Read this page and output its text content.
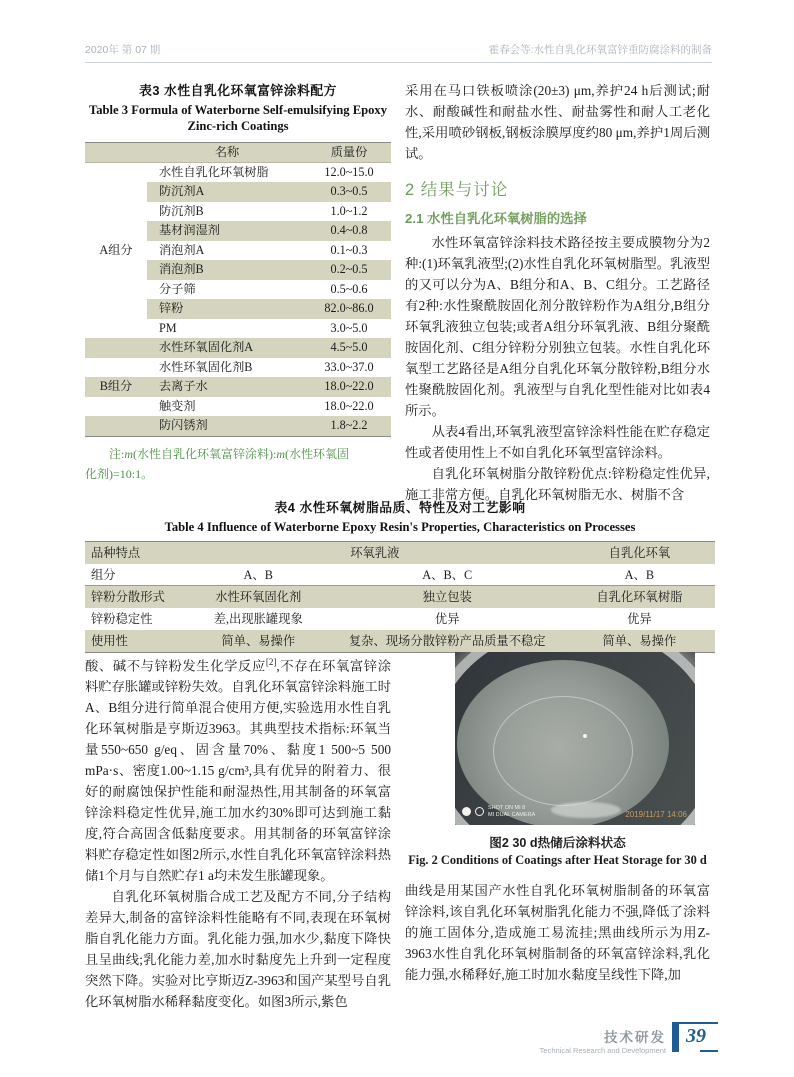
2020年 第 07 期	霍春会等:水性自乳化环氧富锌重防腐涂料的制备
表3 水性自乳化环氧富锌涂料配方
Table 3 Formula of Waterborne Self-emulsifying Epoxy
Zinc-rich Coatings
名称	质量份
水性自乳化环氧树脂	12.0~15.0
防沉剂A	0.3~0.5
防沉剂B	1.0~1.2
基材润湿剂	0.4~0.8
A组分	消泡剂A	0.1~0.3
消泡剂B	0.2~0.5
分子筛	0.5~0.6
锌粉	82.0~86.0
PM	3.0~5.0
水性环氧固化剂A	4.5~5.0
水性环氧固化剂B	33.0~37.0
B组分	去离子水	18.0~22.0
触变剂	18.0~22.0
防闪锈剂	1.8~2.2
注:m(水性自乳化环氧富锌涂料):m(水性环氧固
化剂)=10:1。

采用在马口铁板喷涂(20±3) μm,养护24 h后测试;耐水、耐酸碱性和耐盐水性、耐盐雾性和耐人工老化性,采用喷砂钢板,钢板涂膜厚度约80 μm,养护1周后测试。

2 结果与讨论
2.1 水性自乳化环氧树脂的选择

水性环氧富锌涂料技术路径按主要成膜物分为2种:(1)环氧乳液型;(2)水性自乳化环氧树脂型。乳液型的又可以分为A、B组分和A、B、C组分。工艺路径有2种:水性聚酰胺固化剂分散锌粉作为A组分,B组分环氧乳液独立包装;或者A组分环氧乳液、B组分聚酰胺固化剂、C组分锌粉分别独立包装。水性自乳化环氧型工艺路径是A组分自乳化环氧分散锌粉,B组分水性聚酰胺固化剂。乳液型与自乳化型性能对比如表4所示。

从表4看出,环氧乳液型富锌涂料性能在贮存稳定性或者使用性上不如自乳化环氧型富锌涂料。

自乳化环氧树脂分散锌粉优点:锌粉稳定性优异,施工非常方便。自乳化环氧树脂无水、树脂不含

表4 水性环氧树脂品质、特性及对工艺影响
Table 4 Influence of Waterborne Epoxy Resin's Properties, Characteristics on Processes
品种特点	环氧乳液	自乳化环氧
组分	A、B	A、B、C	A、B
锌粉分散形式	水性环氧固化剂	独立包装	自乳化环氧树脂
锌粉稳定性	差,出现胀罐现象	优异	优异
使用性	简单、易操作	复杂、现场分散锌粉产品质量不稳定	简单、易操作

酸、碱不与锌粉发生化学反应[2],不存在环氧富锌涂料贮存胀罐或锌粉失效。自乳化环氧富锌涂料施工时A、B组分进行简单混合使用方便,实验选用水性自乳化环氧树脂是亨斯迈3963。其典型技术指标:环氧当量550~650 g/eq、固含量70%、黏度1 500~5 500 mPa·s、密度1.00~1.15 g/cm³,具有优异的附着力、很好的耐腐蚀保护性能和耐湿热性,用其制备的环氧富锌涂料稳定性优异,施工加水约30%即可达到施工黏度,符合高固含低黏度要求。用其制备的环氧富锌涂料贮存稳定性如图2所示,水性自乳化环氧富锌涂料热储1个月与自然贮存1 a均未发生胀罐现象。

自乳化环氧树脂合成工艺及配方不同,分子结构差异大,制备的富锌涂料性能略有不同,表现在环氧树脂自乳化能力方面。乳化能力强,加水少,黏度下降快且呈曲线;乳化能力差,加水时黏度先上升到一定程度突然下降。实验对比亨斯迈Z-3963和国产某型号自乳化环氧树脂水稀释黏度变化。如图3所示,紫色

SHOT ON MI 8
MI DUAL CAMERA	2019/11/17 14:06
图2 30 d热储后涂料状态
Fig. 2 Conditions of Coatings after Heat Storage for 30 d

曲线是用某国产水性自乳化环氧树脂制备的环氧富锌涂料,该自乳化环氧树脂乳化能力不强,降低了涂料的施工固体分,造成施工易流挂;黑曲线所示为用Z-3963水性自乳化环氧树脂制备的环氧富锌涂料,乳化能力强,水稀释好,施工时加水黏度呈线性下降,加

技术研发
Technical Research and Development
39
